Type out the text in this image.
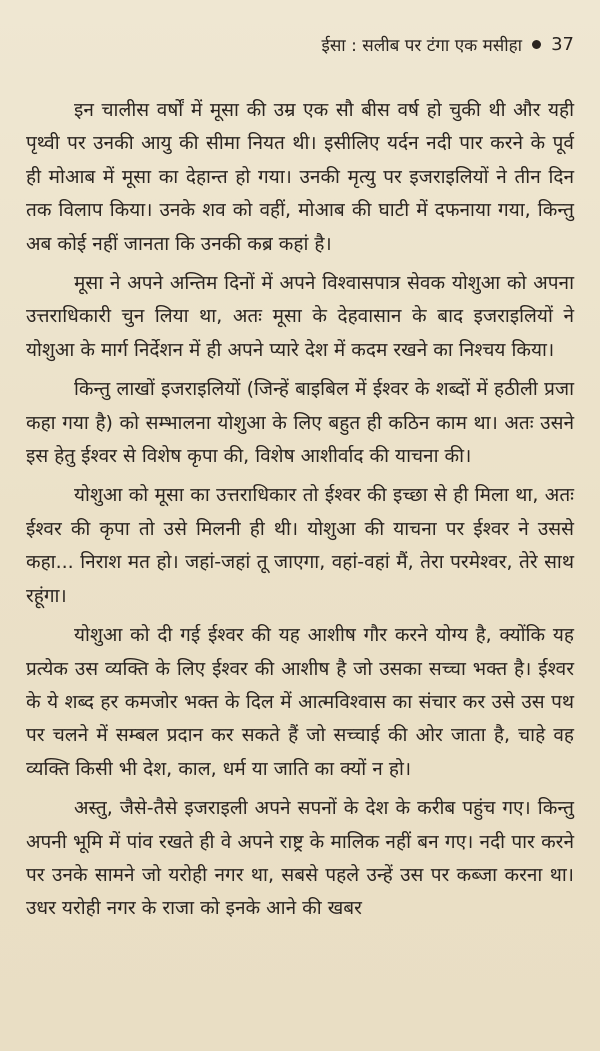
ईसा : सलीब पर टंगा एक मसीहा 37

इन चालीस वर्षों में मूसा की उम्र एक सौ बीस वर्ष हो चुकी थी और यही पृथ्वी पर उनकी आयु की सीमा नियत थी। इसीलिए यर्दन नदी पार करने के पूर्व ही मोआब में मूसा का देहान्त हो गया। उनकी मृत्यु पर इजराइलियों ने तीन दिन तक विलाप किया। उनके शव को वहीं, मोआब की घाटी में दफनाया गया, किन्तु अब कोई नहीं जानता कि उनकी कब्र कहां है।

मूसा ने अपने अन्तिम दिनों में अपने विश्वासपात्र सेवक योशुआ को अपना उत्तराधिकारी चुन लिया था, अतः मूसा के देहवासान के बाद इजराइलियों ने योशुआ के मार्ग निर्देशन में ही अपने प्यारे देश में कदम रखने का निश्चय किया।

किन्तु लाखों इजराइलियों (जिन्हें बाइबिल में ईश्वर के शब्दों में हठीली प्रजा कहा गया है) को सम्भालना योशुआ के लिए बहुत ही कठिन काम था। अतः उसने इस हेतु ईश्वर से विशेष कृपा की, विशेष आशीर्वाद की याचना की।

योशुआ को मूसा का उत्तराधिकार तो ईश्वर की इच्छा से ही मिला था, अतः ईश्वर की कृपा तो उसे मिलनी ही थी। योशुआ की याचना पर ईश्वर ने उससे कहा... निराश मत हो। जहां-जहां तू जाएगा, वहां-वहां मैं, तेरा परमेश्वर, तेरे साथ रहूंगा।

योशुआ को दी गई ईश्वर की यह आशीष गौर करने योग्य है, क्योंकि यह प्रत्येक उस व्यक्ति के लिए ईश्वर की आशीष है जो उसका सच्चा भक्त है। ईश्वर के ये शब्द हर कमजोर भक्त के दिल में आत्मविश्वास का संचार कर उसे उस पथ पर चलने में सम्बल प्रदान कर सकते हैं जो सच्चाई की ओर जाता है, चाहे वह व्यक्ति किसी भी देश, काल, धर्म या जाति का क्यों न हो।

अस्तु, जैसे-तैसे इजराइली अपने सपनों के देश के करीब पहुंच गए। किन्तु अपनी भूमि में पांव रखते ही वे अपने राष्ट्र के मालिक नहीं बन गए। नदी पार करने पर उनके सामने जो यरोही नगर था, सबसे पहले उन्हें उस पर कब्जा करना था। उधर यरोही नगर के राजा को इनके आने की खबर
